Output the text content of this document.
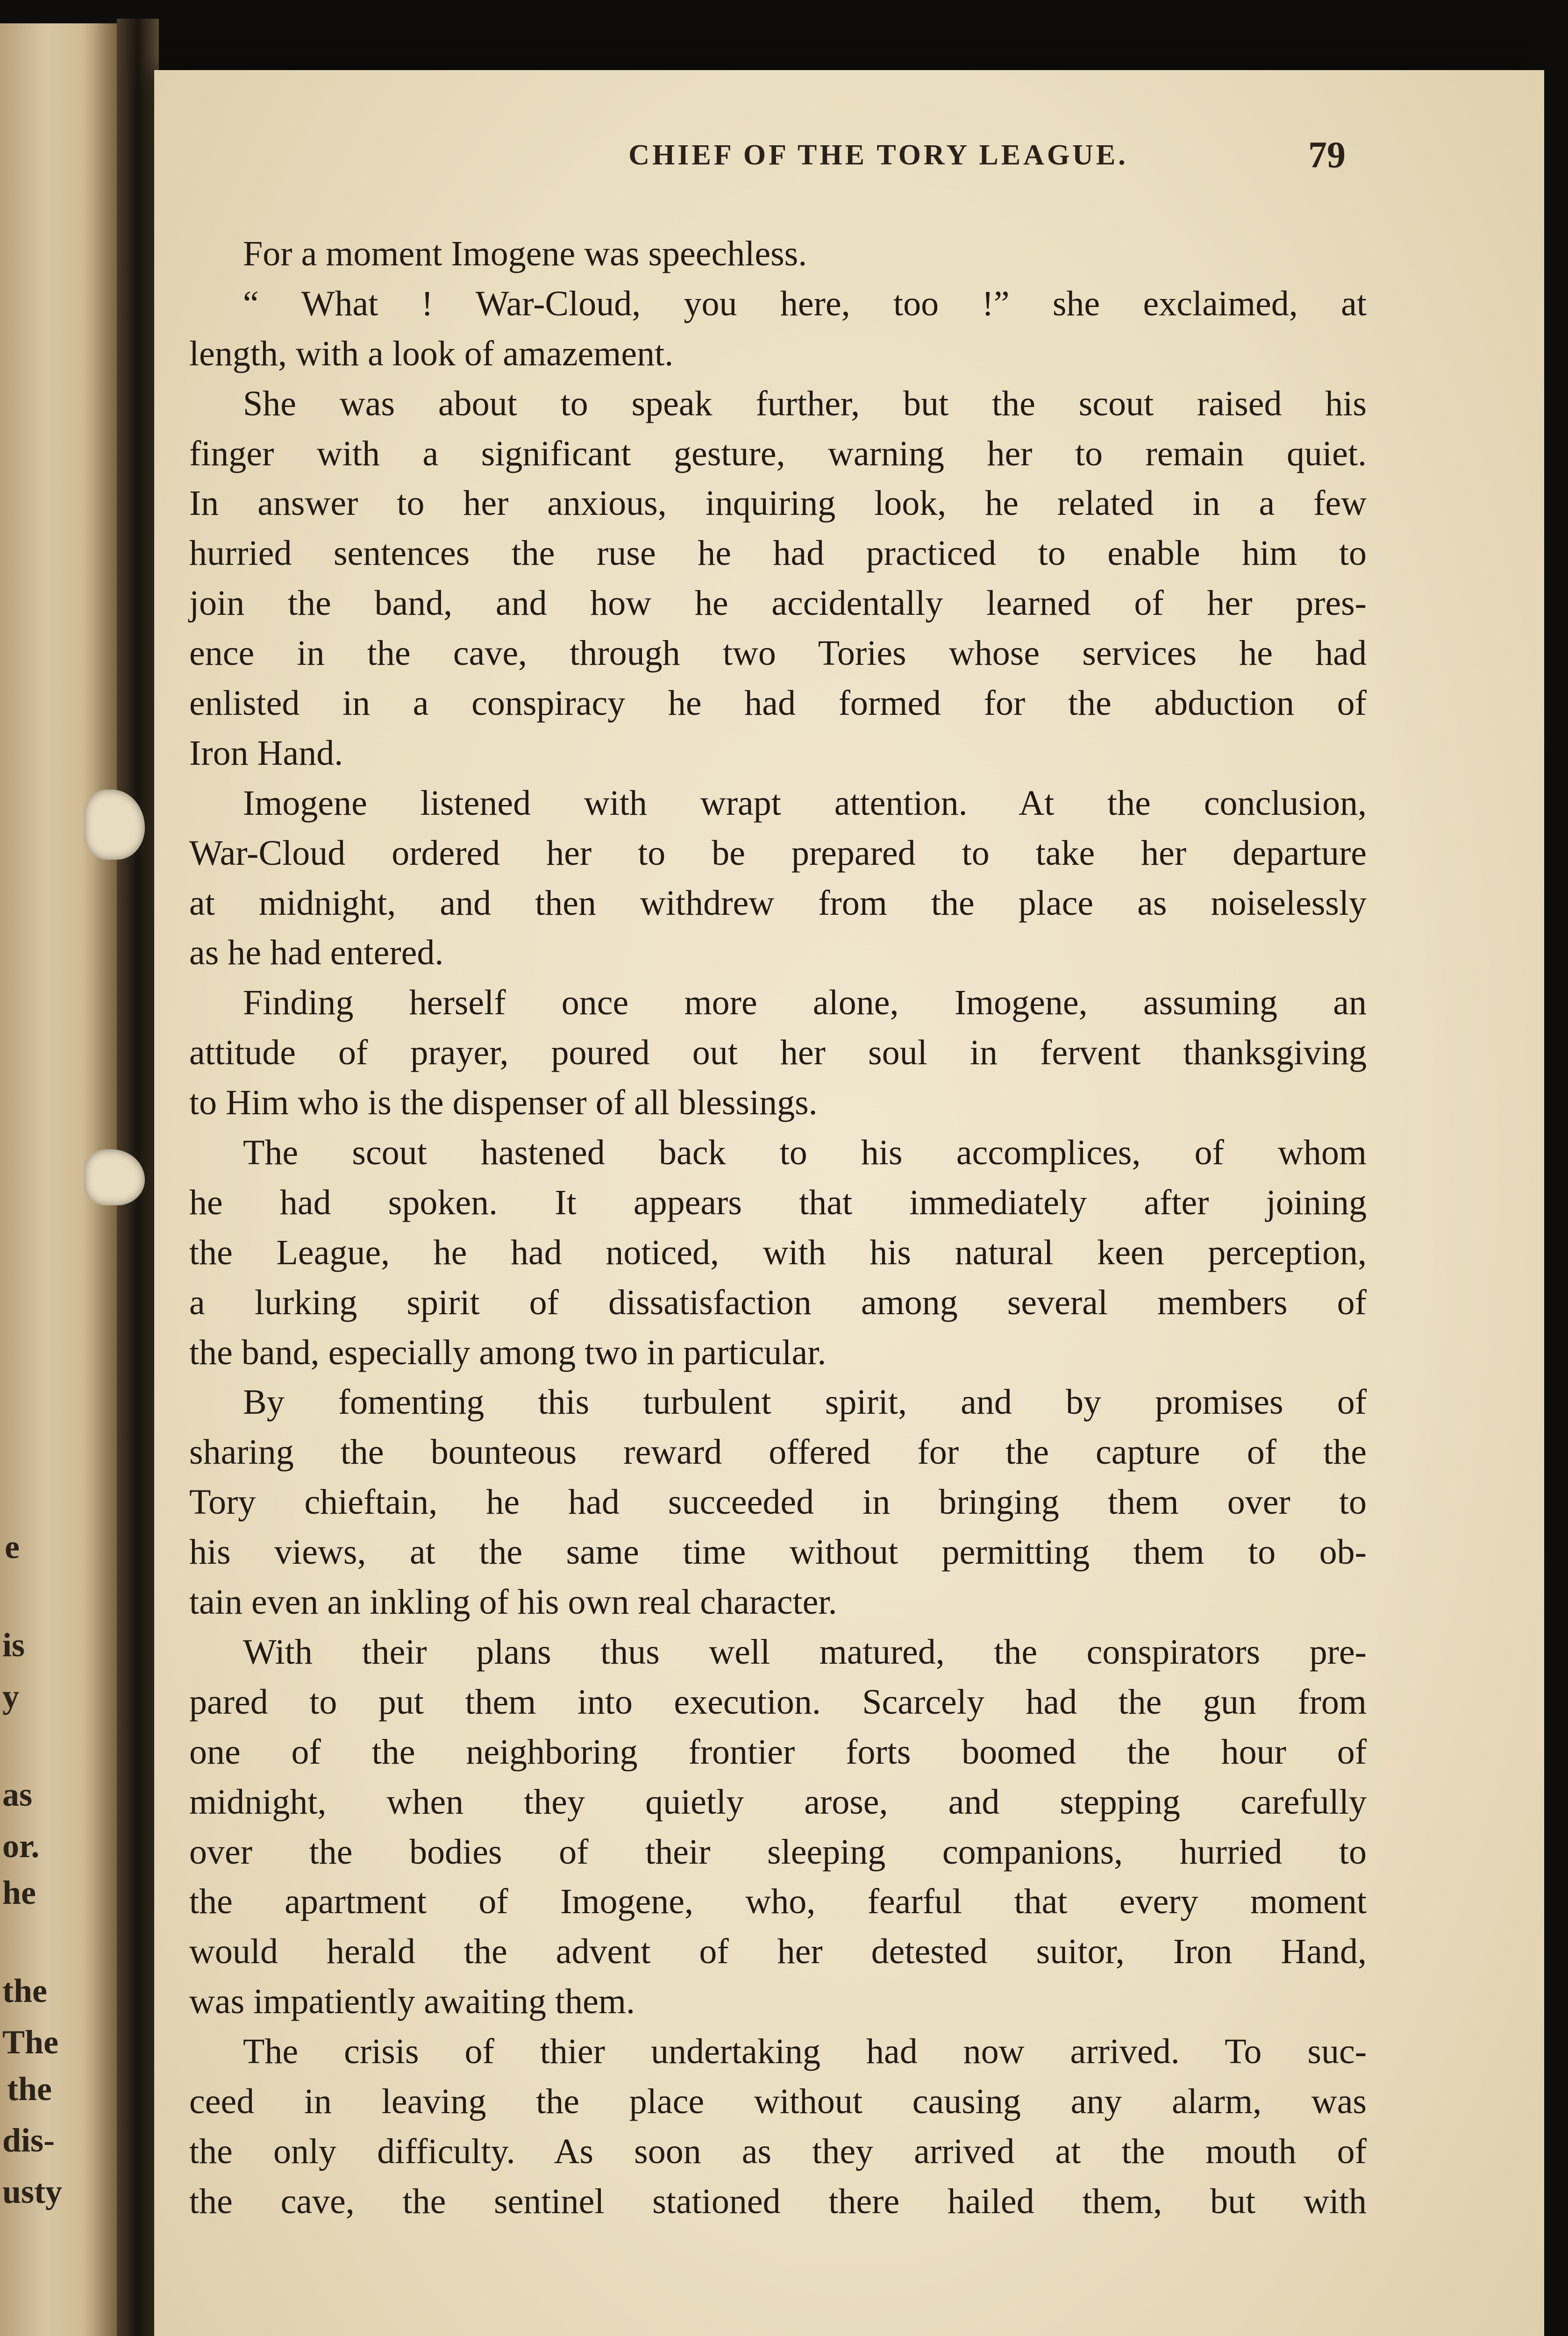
e
is
y
as
or.
he
the
The
the
dis-
usty
CHIEF OF THE TORY LEAGUE.	79
For a moment Imogene was speechless.
“ What ! War-Cloud, you here, too !” she exclaimed, at
length, with a look of amazement.
She was about to speak further, but the scout raised his
finger with a significant gesture, warning her to remain quiet.
In answer to her anxious, inquiring look, he related in a few
hurried sentences the ruse he had practiced to enable him to
join the band, and how he accidentally learned of her pres-
ence in the cave, through two Tories whose services he had
enlisted in a conspiracy he had formed for the abduction of
Iron Hand.
Imogene listened with wrapt attention. At the conclusion,
War-Cloud ordered her to be prepared to take her departure
at midnight, and then withdrew from the place as noiselessly
as he had entered.
Finding herself once more alone, Imogene, assuming an
attitude of prayer, poured out her soul in fervent thanksgiving
to Him who is the dispenser of all blessings.
The scout hastened back to his accomplices, of whom
he had spoken. It appears that immediately after joining
the League, he had noticed, with his natural keen perception,
a lurking spirit of dissatisfaction among several members of
the band, especially among two in particular.
By fomenting this turbulent spirit, and by promises of
sharing the bounteous reward offered for the capture of the
Tory chieftain, he had succeeded in bringing them over to
his views, at the same time without permitting them to ob-
tain even an inkling of his own real character.
With their plans thus well matured, the conspirators pre-
pared to put them into execution. Scarcely had the gun from
one of the neighboring frontier forts boomed the hour of
midnight, when they quietly arose, and stepping carefully
over the bodies of their sleeping companions, hurried to
the apartment of Imogene, who, fearful that every moment
would herald the advent of her detested suitor, Iron Hand,
was impatiently awaiting them.
The crisis of thier undertaking had now arrived. To suc-
ceed in leaving the place without causing any alarm, was
the only difficulty. As soon as they arrived at the mouth of
the cave, the sentinel stationed there hailed them, but with
